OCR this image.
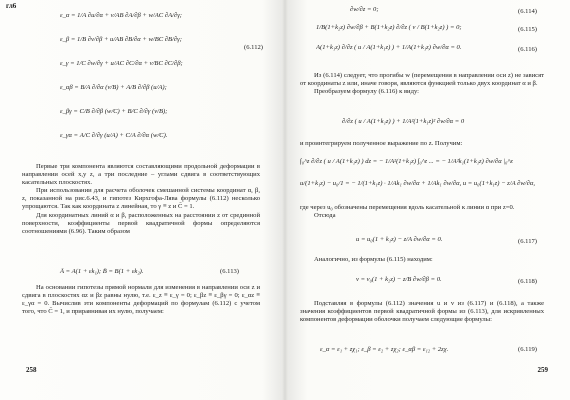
гл6
ε_α = 1/A ∂u/∂α + v/AB ∂A/∂β + w/AC ∂A/∂γ;
ε_β = 1/B ∂v/∂β + u/AB ∂B/∂α + w/BC ∂B/∂γ;
(6.112)
ε_γ = 1/C ∂w/∂γ + u/AC ∂C/∂α + v/BC ∂C/∂β;
ε_αβ = B/A ∂/∂α (v/B) + A/B ∂/∂β (u/A);
ε_βγ = C/B ∂/∂β (w/C) + B/C ∂/∂γ (v/B);
ε_γα = A/C ∂/∂γ (u/A) + C/A ∂/∂α (w/C).

Первые три компонента являются составляющими продольной деформации в направлении осей x,y z, а три последние – углами сдвига в соответствующих касательных плоскостях.

При использовании для расчета оболочек смешанной системы координат α, β, z, показанной на рис.6.43, и гипотез Кирхгофа-Лява формулы (6.112) несколько упрощаются. Так как координата z линейная, то γ ≡ z и C̄ = 1.

Для координатных линий α и β, расположенных на расстоянии z от срединной поверхности, коэффициенты первой квадратичной формы определяются соотношениями (6.96). Таким образом

Ā = A(1 + εk₁); B̄ = B(1 + εk₂).	(6.113)

На основании гипотезы прямой нормали для изменения в направлении оси z и сдвига в плоскостях αz и βz равны нулю, т.е. ε_z ≡ ε_γ = 0; ε_βz ≡ ε_βγ = 0; ε_αz ≡ ε_γα = 0. Вычислив эти компоненты деформаций по формулам (6.112) с учетом того, что C̄ = 1, и приравнивая их нулю, получаем:

258
∂w/∂z = 0;	(6.114)
1/B(1+k₂z) ∂w/∂β + B(1+k₂z) ∂/∂z ( v / B(1+k₂z) ) = 0;	(6.115)
A(1+k₁z) ∂/∂z ( u / A(1+k₁z) ) + 1/A(1+k₁z) ∂w/∂α = 0.	(6.116)

Из (6.114) следует, что прогибы w (перемещения в направлении оси z) не зависят от координаты z или, иначе говоря, являются функцией только двух координат α и β.

Преобразуем формулу (6.116) к виду:

∂/∂z ( u / A(1+k₁z) ) + 1/A²(1+k₁z)² ∂w/∂α = 0

и проинтегрируем полученное выражение по z. Получим:

∫₀^z ∂/∂z ( u / A(1+k₁z) ) dz = − 1/A²(1+k₁z) ∫₀^z ... = − 1/A²k₁(1+k₁z) ∂w/∂α |₀^z
u/(1+k₁z) − u₀/1 = − 1/(1+k₁z) · 1/Ak₁ ∂w/∂α + 1/Ak₁ ∂w/∂α, u = u₀(1+k₁z) − z/A ∂w/∂α,

где через u₀ обозначены перемещения вдоль касательной к линии α при z=0.

Отсюда

u = u₀(1 + k₁z) − z/A ∂w/∂α = 0.	(6.117)

Аналогично, из формулы (6.115) находим:

v = v₀(1 + k₂z) − z/B ∂w/∂β = 0.	(6.118)

Подставляя в формулы (6.112) значения u и v из (6.117) и (6.118), а также значения коэффициентов первой квадратичной формы из (6.113), для искривленных компонентов деформации оболочки получаем следующие формулы:

ε_α = ε₁ + zχ₁; ε_β = ε₂ + zχ₂; ε_αβ = ε₁₂ + 2zχ.	(6.119)
259
